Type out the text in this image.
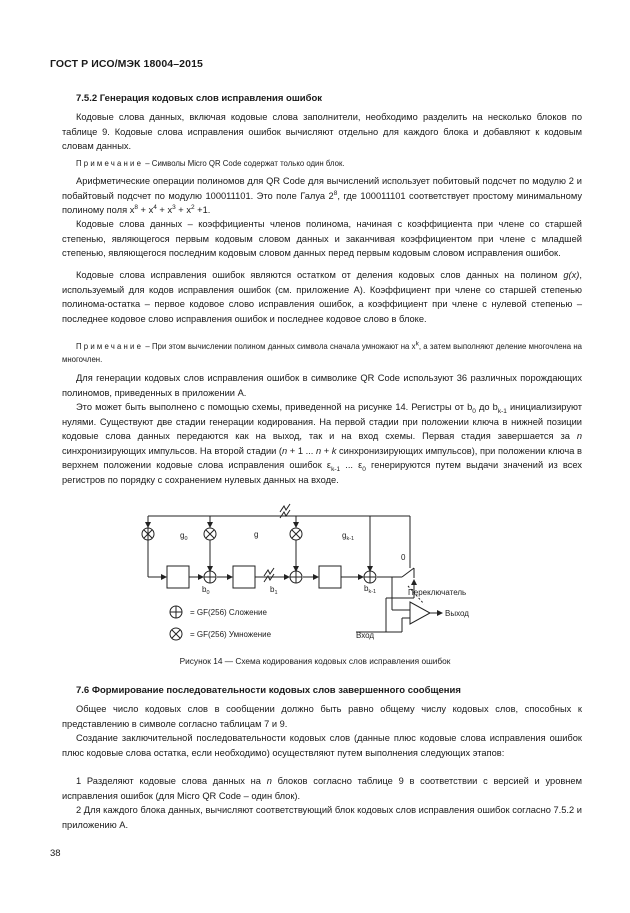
ГОСТ Р ИСО/МЭК 18004–2015
7.5.2 Генерация кодовых слов исправления ошибок

Кодовые слова данных, включая кодовые слова заполнители, необходимо разделить на несколько блоков по таблице 9. Кодовые слова исправления ошибок вычисляют отдельно для каждого блока и добавляют к кодовым словам данных.

Примечание – Символы Micro QR Code содержат только один блок.

Арифметические операции полиномов для QR Code для вычислений использует побитовый подсчет по модулю 2 и побайтовый подсчет по модулю 100011101. Это поле Галуа $2^8$, где 100011101 соответствует простому минимальному полиному поля $x^8 + x^4 + x^3 + x^2 +1$.

Кодовые слова данных – коэффициенты членов полинома, начиная с коэффициента при члене со старшей степенью, являющегося первым кодовым словом данных и заканчивая коэффициентом при члене с младшей степенью, являющегося последним кодовым словом данных перед первым кодовым словом исправления ошибок.

Кодовые слова исправления ошибок являются остатком от деления кодовых слов данных на полином g(x), используемый для кодов исправления ошибок (см. приложение А). Коэффициент при члене со старшей степенью полинома-остатка – первое кодовое слово исправления ошибок, а коэффициент при члене с нулевой степенью – последнее кодовое слово исправления ошибок и последнее кодовое слово в блоке.

Примечание – При этом вычислении полином данных символа сначала умножают на $x^k$, а затем выполняют деление многочлена на многочлен.

Для генерации кодовых слов исправления ошибок в символике QR Code используют 36 различных порождающих полиномов, приведенных в приложении А.

Это может быть выполнено с помощью схемы, приведенной на рисунке 14. Регистры от $b_0$ до $b_{k-1}$ инициализируют нулями. Существуют две стадии генерации кодирования. На первой стадии при положении ключа в нижней позиции кодовые слова данных передаются как на выход, так и на вход схемы. Первая стадия завершается за n синхронизирующих импульсов. На второй стадии (n + 1 ... n + k синхронизирующих импульсов), при положении ключа в верхнем положении кодовые слова исправления ошибок $\varepsilon_{k-1}$ ... $\varepsilon_0$ генерируются путем выдачи значений из всех регистров по порядку с сохранением нулевых данных на входе.

$g_0$	g	$g_{k-1}$
$b_0$	$b_1$	$b_{k-1}$
0
Переключатель
Выход
Вход
= GF(256) Сложение
= GF(256) Умножение
Рисунок 14 — Схема кодирования кодовых слов исправления ошибок
7.6 Формирование последовательности кодовых слов завершенного сообщения

Общее число кодовых слов в сообщении должно быть равно общему числу кодовых слов, способных к представлению в символе согласно таблицам 7 и 9.

Создание заключительной последовательности кодовых слов (данные плюс кодовые слова исправления ошибок плюс кодовые слова остатка, если необходимо) осуществляют путем выполнения следующих этапов:

1 Разделяют кодовые слова данных на n блоков согласно таблице 9 в соответствии с версией и уровнем исправления ошибок (для Micro QR Code – один блок).

2 Для каждого блока данных, вычисляют соответствующий блок кодовых слов исправления ошибок согласно 7.5.2 и приложению А.

38
